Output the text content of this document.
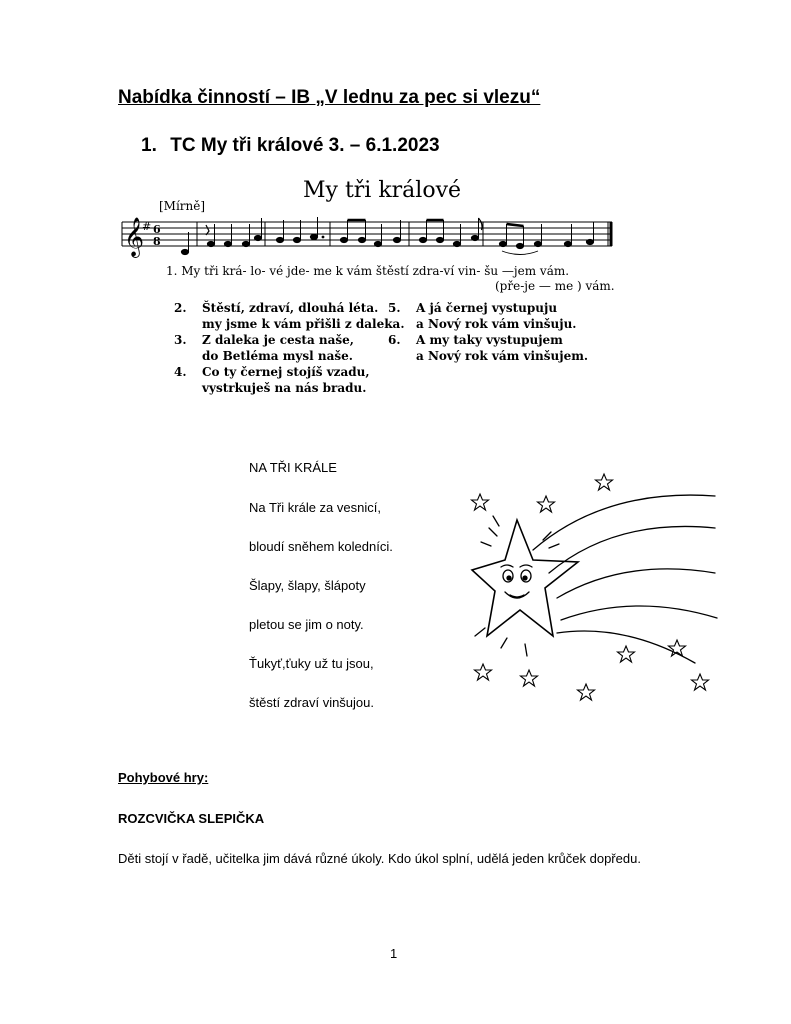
Nabídka činností – IB „V lednu za pec si vlezu“
1. TC My tři králové 3. – 6.1.2023
My tři králové
[Mírně]
𝄞
# 6
8
1. My tři krá- lo- vé jde- me k vám štěstí zdra-ví vin- šu —jem vám.
(pře-je — me ) vám.
2. Štěstí, zdraví, dlouhá léta.
my jsme k vám přišli z daleka.
3. Z daleka je cesta naše,
do Betléma mysl naše.
4. Co ty černej stojíš vzadu,
vystrkuješ na nás bradu.
5. A já černej vystupuju
a Nový rok vám vinšuju.
6. A my taky vystupujem
a Nový rok vám vinšujem.
NA TŘI KRÁLE
Na Tři krále za vesnicí,
bloudí sněhem koledníci.
Šlapy, šlapy, šlápoty
pletou se jim o noty.
Ťukyť,ťuky už tu jsou,
štěstí zdraví vinšujou.
Pohybové hry:
ROZCVIČKA SLEPIČKA
Děti stojí v řadě, učitelka jim dává různé úkoly. Kdo úkol splní, udělá jeden krůček dopředu.
1
